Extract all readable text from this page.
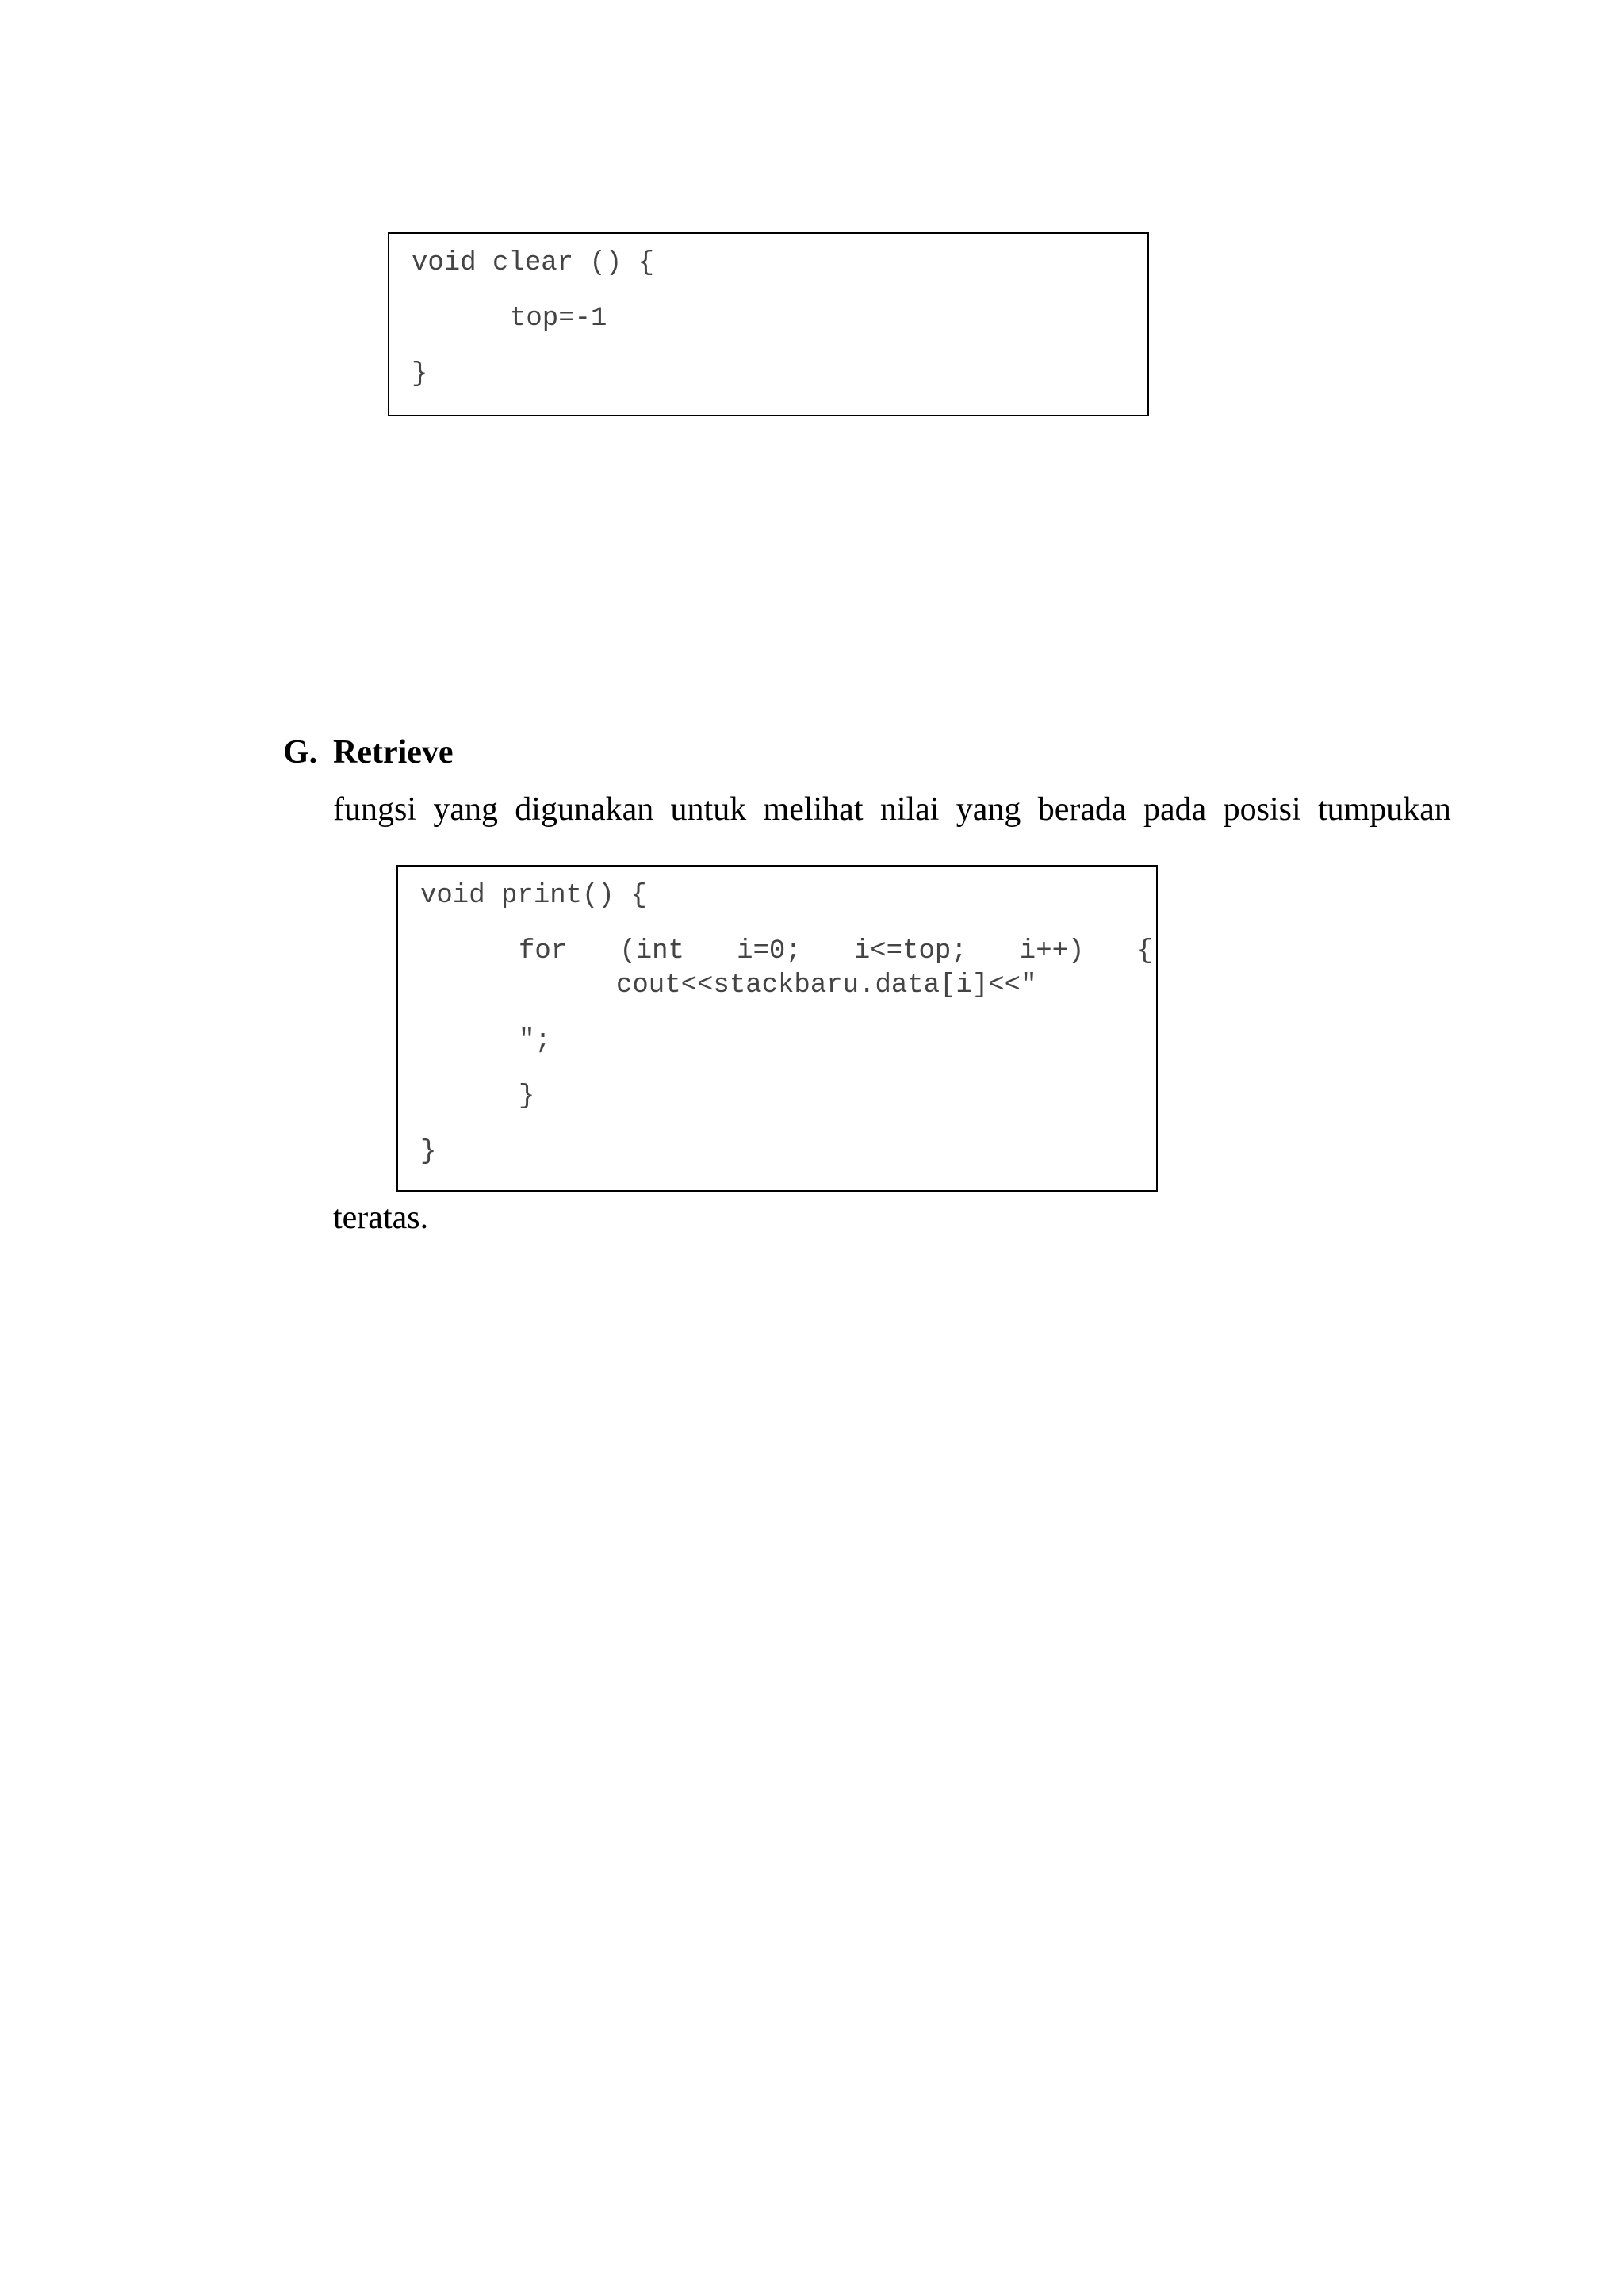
void clear () {
top=-1
}
G. Retrieve
fungsi yang digunakan untuk melihat nilai yang berada pada posisi tumpukan
void print() {
for (int i=0; i<=top; i++) {
cout<<stackbaru.data[i]<<"
";
}
}
teratas.
